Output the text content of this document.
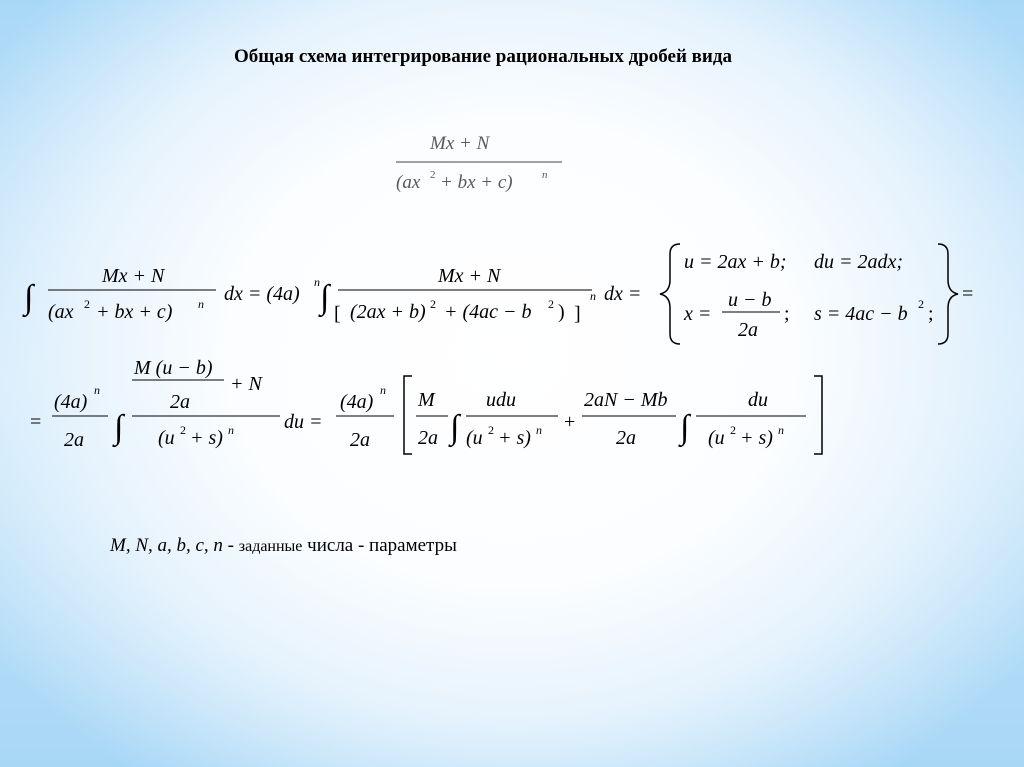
Общая схема интегрирование рациональных дробей вида
Mx + N
(ax 2 + bx + c)	n
∫
Mx + N
(ax 2 + bx + c) n dx = (4a)
n ∫
Mx + N
[ (2ax + b) 2 + (4ac − b 2 ) ]
n dx =
u = 2ax + b; du = 2adx;
x =
u − b
2a
; s = 4ac − b 2 ;
=
=
(4a)
n
2a ∫
M (u − b)
2a
+ N
(u 2 + s) n	du =
(4a)
n
2a
M
2a ∫
udu
(u 2 + s) n +
2aN − Mb
2a ∫
du
(u 2 + s) n
M, N, a, b, c, n - заданные числа - параметры
